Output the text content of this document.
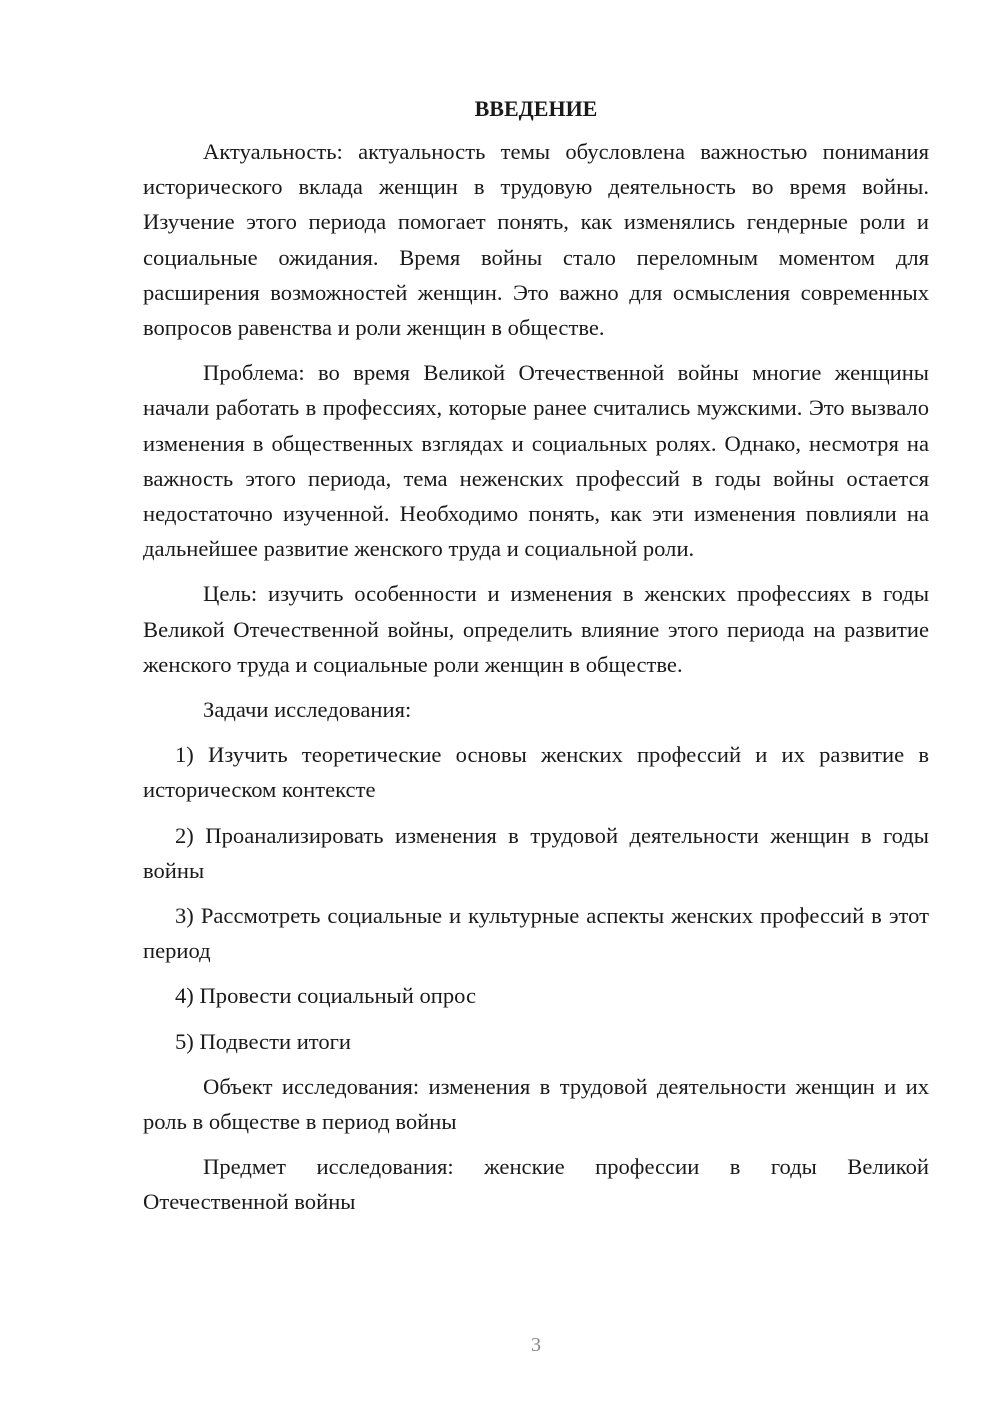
ВВЕДЕНИЕ

Актуальность: актуальность темы обусловлена важностью понимания исторического вклада женщин в трудовую деятельность во время войны. Изучение этого периода помогает понять, как изменялись гендерные роли и социальные ожидания. Время войны стало переломным моментом для расширения возможностей женщин. Это важно для осмысления современных вопросов равенства и роли женщин в обществе.

Проблема: во время Великой Отечественной войны многие женщины начали работать в профессиях, которые ранее считались мужскими. Это вызвало изменения в общественных взглядах и социальных ролях. Однако, несмотря на важность этого периода, тема неженских профессий в годы войны остается недостаточно изученной. Необходимо понять, как эти изменения повлияли на дальнейшее развитие женского труда и социальной роли.

Цель: изучить особенности и изменения в женских профессиях в годы Великой Отечественной войны, определить влияние этого периода на развитие женского труда и социальные роли женщин в обществе.

Задачи исследования:

1) Изучить теоретические основы женских профессий и их развитие в историческом контексте

2) Проанализировать изменения в трудовой деятельности женщин в годы войны

3) Рассмотреть социальные и культурные аспекты женских профессий в этот период

4) Провести социальный опрос

5) Подвести итоги

Объект исследования: изменения в трудовой деятельности женщин и их роль в обществе в период войны

Предмет исследования: женские профессии в годы Великой Отечественной войны

3
